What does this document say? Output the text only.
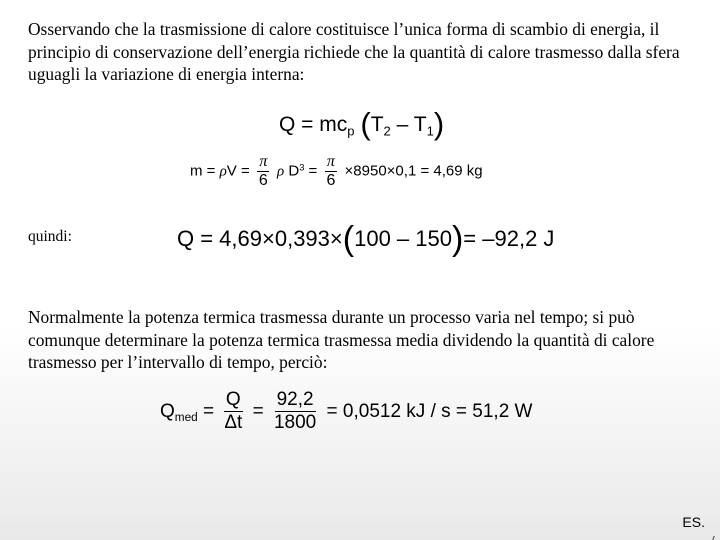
Osservando che la trasmissione di calore costituisce l’unica forma di scambio di energia, il principio di conservazione dell’energia richiede che la quantità di calore trasmesso dalla sfera uguagli la variazione di energia interna:

$Q = mc_p$ $(T_2 - T_1)$
$m = \rho V = \frac{\pi}{6}$ ρ $D^3 = \frac{\pi}{6} \times 8950\times 0,1 = 4,69$ kg
quindi:	Q = 4,69×0,393×(100 – 150)= –92,2 J

Normalmente la potenza termica trasmessa durante un processo varia nel tempo; si può comunque determinare la potenza termica trasmessa media dividendo la quantità di calore trasmesso per l’intervallo di tempo, perciò:

$Q_{med} = \frac{Q}{\Delta t} = \frac{92,2}{1800} = 0,0512$ kJ / s = 51,2 W
ES.
